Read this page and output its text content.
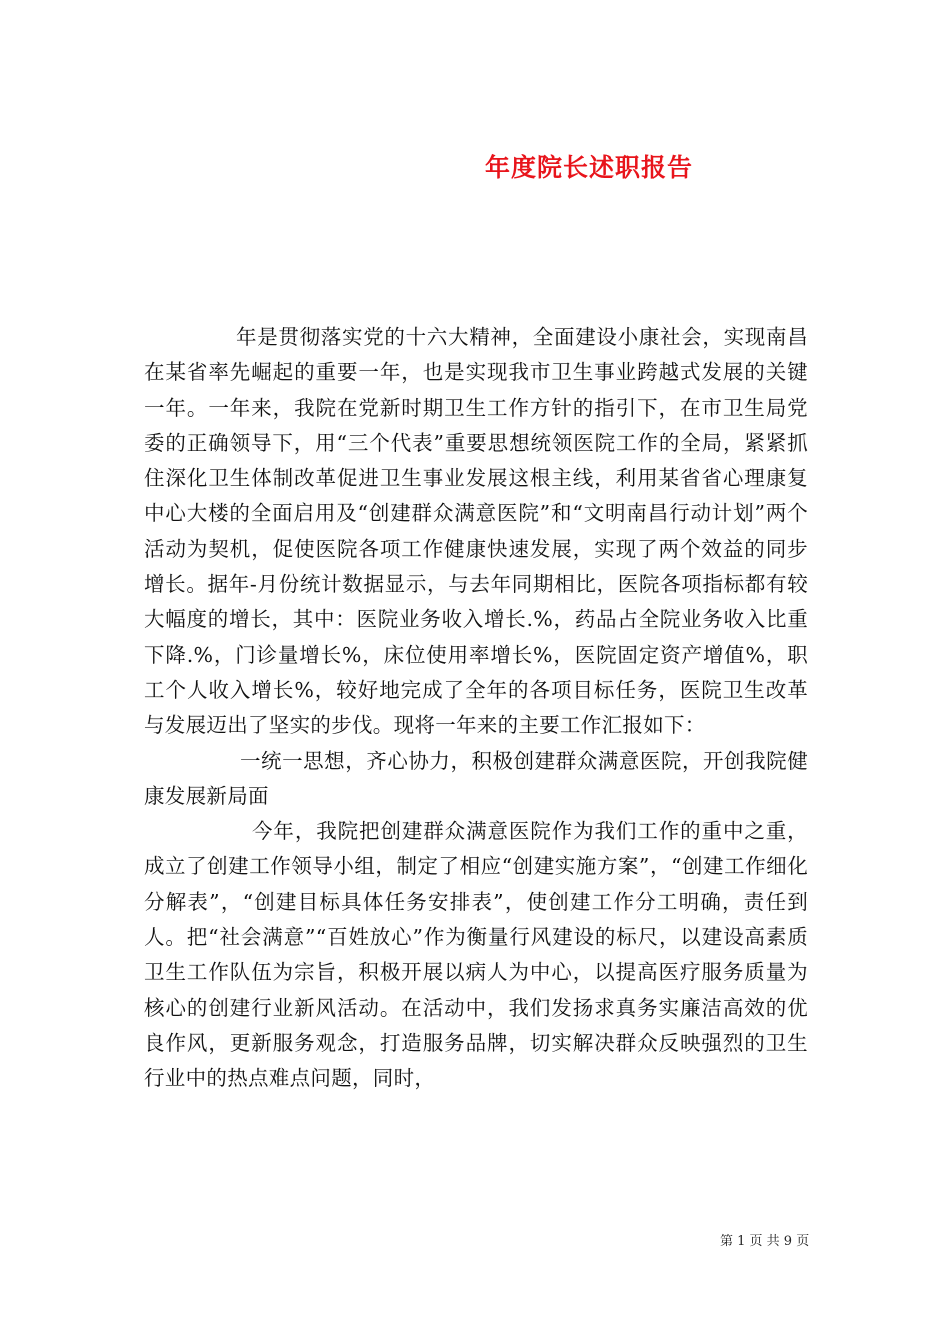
年度院长述职报告

年是贯彻落实党的十六大精神，全面建设小康社会，实现南昌在某省率先崛起的重要一年，也是实现我市卫生事业跨越式发展的关键一年。一年来，我院在党新时期卫生工作方针的指引下，在市卫生局党委的正确领导下，用“三个代表”重要思想统领医院工作的全局，紧紧抓住深化卫生体制改革促进卫生事业发展这根主线，利用某省省心理康复中心大楼的全面启用及“创建群众满意医院”和“文明南昌行动计划”两个活动为契机，促使医院各项工作健康快速发展，实现了两个效益的同步增长。据年-月份统计数据显示，与去年同期相比，医院各项指标都有较大幅度的增长，其中：医院业务收入增长.%，药品占全院业务收入比重下降.%，门诊量增长%，床位使用率增长%，医院固定资产增值%，职工个人收入增长%，较好地完成了全年的各项目标任务，医院卫生改革与发展迈出了坚实的步伐。现将一年来的主要工作汇报如下：

一统一思想，齐心协力，积极创建群众满意医院，开创我院健康发展新局面

今年，我院把创建群众满意医院作为我们工作的重中之重，成立了创建工作领导小组，制定了相应“创建实施方案”，“创建工作细化分解表”，“创建目标具体任务安排表”，使创建工作分工明确，责任到人。把“社会满意”“百姓放心”作为衡量行风建设的标尺，以建设高素质卫生工作队伍为宗旨，积极开展以病人为中心，以提高医疗服务质量为核心的创建行业新风活动。在活动中，我们发扬求真务实廉洁高效的优良作风，更新服务观念，打造服务品牌，切实解决群众反映强烈的卫生行业中的热点难点问题，同时，

第 1 页 共 9 页
